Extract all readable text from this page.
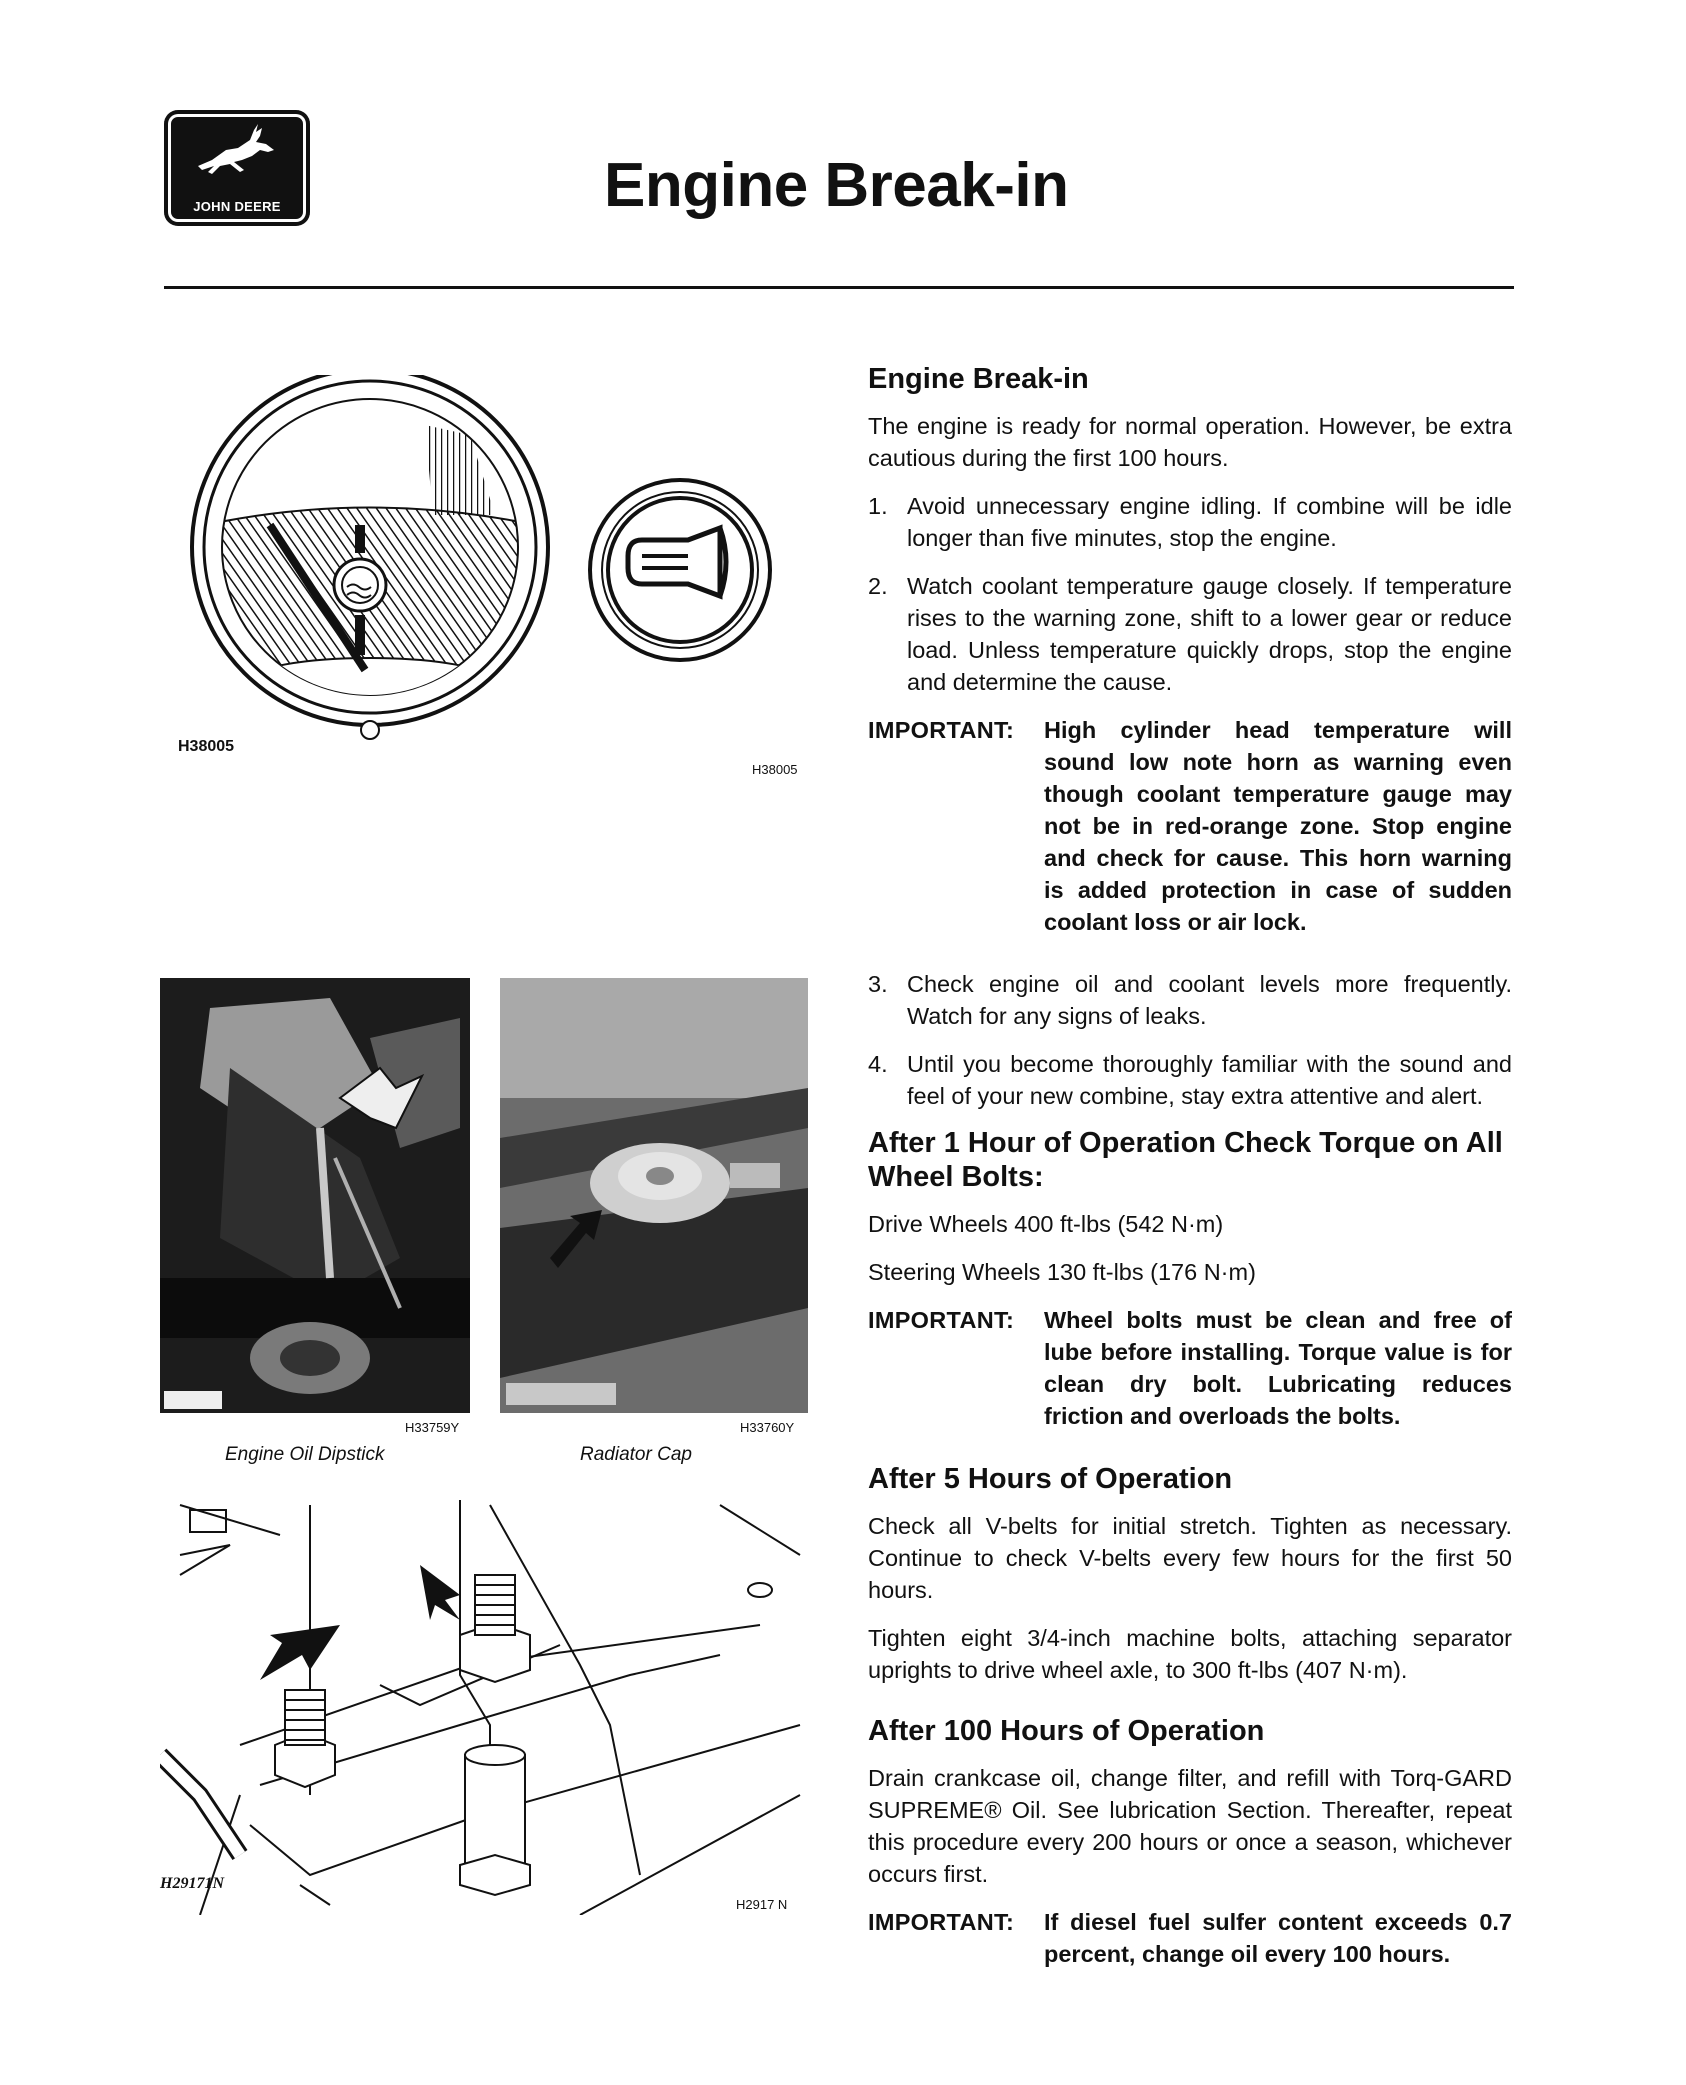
JOHN DEERE	Engine Break-in
H38005
H38005
H33759Y	H33760Y
Engine Oil Dipstick	Radiator Cap
H29171N
H2917 N
Engine Break-in

The engine is ready for normal operation. However, be extra cautious during the first 100 hours.

1. Avoid unnecessary engine idling. If combine will be idle longer than five minutes, stop the engine.
2. Watch coolant temperature gauge closely. If temperature rises to the warning zone, shift to a lower gear or reduce load. Unless temperature quickly drops, stop the engine and determine the cause.
IMPORTANT: High cylinder head temperature will sound low note horn as warning even though coolant temperature gauge may not be in red-orange zone. Stop engine and check for cause. This horn warning is added protection in case of sudden coolant loss or air lock.
3. Check engine oil and coolant levels more frequently. Watch for any signs of leaks.
4. Until you become thoroughly familiar with the sound and feel of your new combine, stay extra attentive and alert.
After 1 Hour of Operation Check Torque on All Wheel Bolts:

Drive Wheels 400 ft-lbs (542 N·m)

Steering Wheels 130 ft-lbs (176 N·m)

IMPORTANT: Wheel bolts must be clean and free of lube before installing. Torque value is for clean dry bolt. Lubricating reduces friction and overloads the bolts.
After 5 Hours of Operation

Check all V-belts for initial stretch. Tighten as necessary. Continue to check V-belts every few hours for the first 50 hours.

Tighten eight 3/4-inch machine bolts, attaching separator uprights to drive wheel axle, to 300 ft-lbs (407 N·m).

After 100 Hours of Operation

Drain crankcase oil, change filter, and refill with Torq-GARD SUPREME® Oil. See lubrication Section. Thereafter, repeat this procedure every 200 hours or once a season, whichever occurs first.

IMPORTANT: If diesel fuel sulfer content exceeds 0.7 percent, change oil every 100 hours.
